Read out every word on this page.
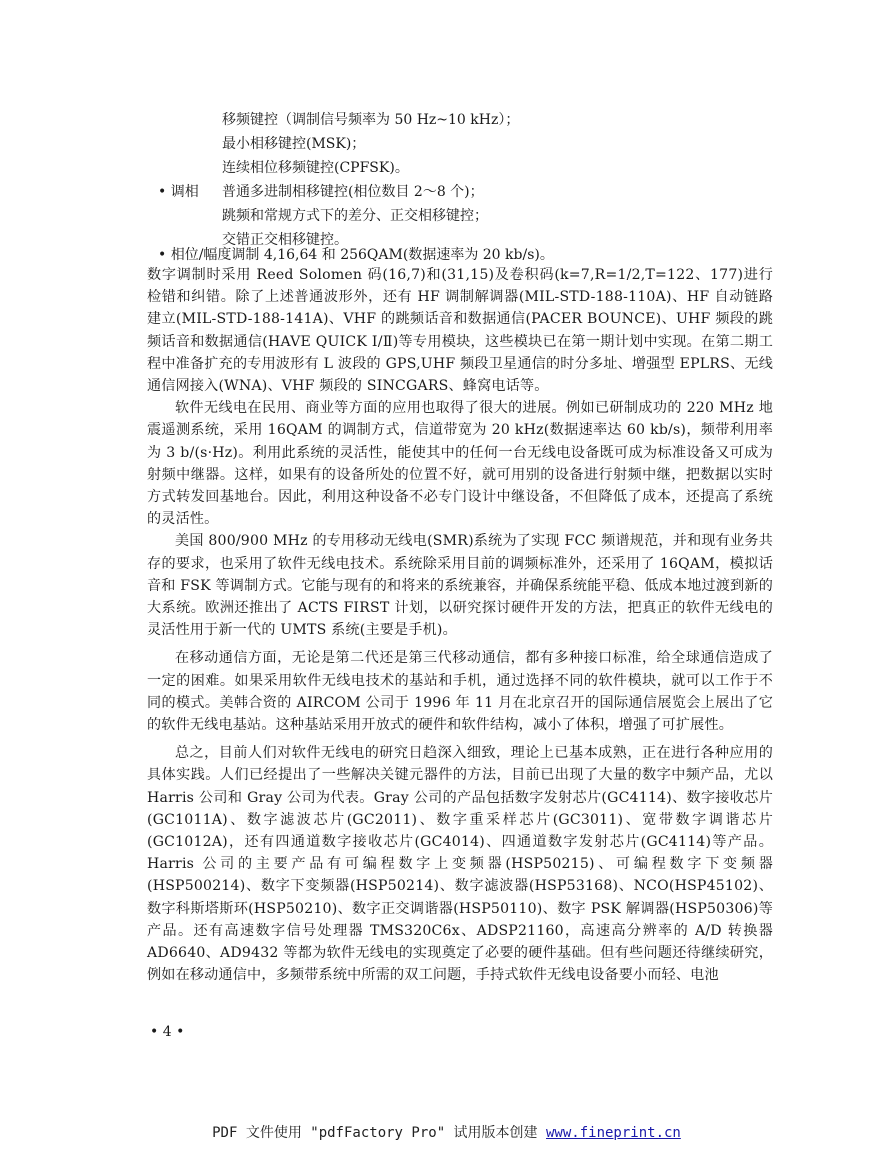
移频键控（调制信号频率为 50 Hz~10 kHz）；
最小相移键控(MSK)；
连续相位移频键控(CPFSK)。
• 调相 普通多进制相移键控(相位数目 2～8 个)；
跳频和常规方式下的差分、正交相移键控；
交错正交相移键控。
• 相位/幅度调制 4,16,64 和 256QAM(数据速率为 20 kb/s)。

数字调制时采用 Reed Solomen 码(16,7)和(31,15)及卷积码(k=7,R=1/2,T=122、177)进行检错和纠错。除了上述普通波形外，还有 HF 调制解调器(MIL-STD-188-110A)、HF 自动链路建立(MIL-STD-188-141A)、VHF 的跳频话音和数据通信(PACER BOUNCE)、UHF 频段的跳频话音和数据通信(HAVE QUICK Ⅰ/Ⅱ)等专用模块，这些模块已在第一期计划中实现。在第二期工程中准备扩充的专用波形有 L 波段的 GPS,UHF 频段卫星通信的时分多址、增强型 EPLRS、无线通信网接入(WNA)、VHF 频段的 SINCGARS、蜂窝电话等。

软件无线电在民用、商业等方面的应用也取得了很大的进展。例如已研制成功的 220 MHz 地震遥测系统，采用 16QAM 的调制方式，信道带宽为 20 kHz(数据速率达 60 kb/s)，频带利用率为 3 b/(s·Hz)。利用此系统的灵活性，能使其中的任何一台无线电设备既可成为标准设备又可成为射频中继器。这样，如果有的设备所处的位置不好，就可用别的设备进行射频中继，把数据以实时方式转发回基地台。因此，利用这种设备不必专门设计中继设备，不但降低了成本，还提高了系统的灵活性。

美国 800/900 MHz 的专用移动无线电(SMR)系统为了实现 FCC 频谱规范，并和现有业务共存的要求，也采用了软件无线电技术。系统除采用目前的调频标准外，还采用了 16QAM，模拟话音和 FSK 等调制方式。它能与现有的和将来的系统兼容，并确保系统能平稳、低成本地过渡到新的大系统。欧洲还推出了 ACTS FIRST 计划，以研究探讨硬件开发的方法，把真正的软件无线电的灵活性用于新一代的 UMTS 系统(主要是手机)。

在移动通信方面，无论是第二代还是第三代移动通信，都有多种接口标准，给全球通信造成了一定的困难。如果采用软件无线电技术的基站和手机，通过选择不同的软件模块，就可以工作于不同的模式。美韩合资的 AIRCOM 公司于 1996 年 11 月在北京召开的国际通信展览会上展出了它的软件无线电基站。这种基站采用开放式的硬件和软件结构，减小了体积，增强了可扩展性。

总之，目前人们对软件无线电的研究日趋深入细致，理论上已基本成熟，正在进行各种应用的具体实践。人们已经提出了一些解决关键元器件的方法，目前已出现了大量的数字中频产品，尤以 Harris 公司和 Gray 公司为代表。Gray 公司的产品包括数字发射芯片(GC4114)、数字接收芯片(GC1011A)、数字滤波芯片(GC2011)、数字重采样芯片(GC3011)、宽带数字调谐芯片(GC1012A)，还有四通道数字接收芯片(GC4014)、四通道数字发射芯片(GC4114)等产品。Harris 公司的主要产品有可编程数字上变频器(HSP50215)、可编程数字下变频器(HSP500214)、数字下变频器(HSP50214)、数字滤波器(HSP53168)、NCO(HSP45102)、数字科斯塔斯环(HSP50210)、数字正交调谐器(HSP50110)、数字 PSK 解调器(HSP50306)等产品。还有高速数字信号处理器 TMS320C6x、ADSP21160，高速高分辨率的 A/D 转换器 AD6640、AD9432 等都为软件无线电的实现奠定了必要的硬件基础。但有些问题还待继续研究，例如在移动通信中，多频带系统中所需的双工问题，手持式软件无线电设备要小而轻、电池

• 4 •
PDF 文件使用 "pdfFactory Pro" 试用版本创建 www.fineprint.cn
